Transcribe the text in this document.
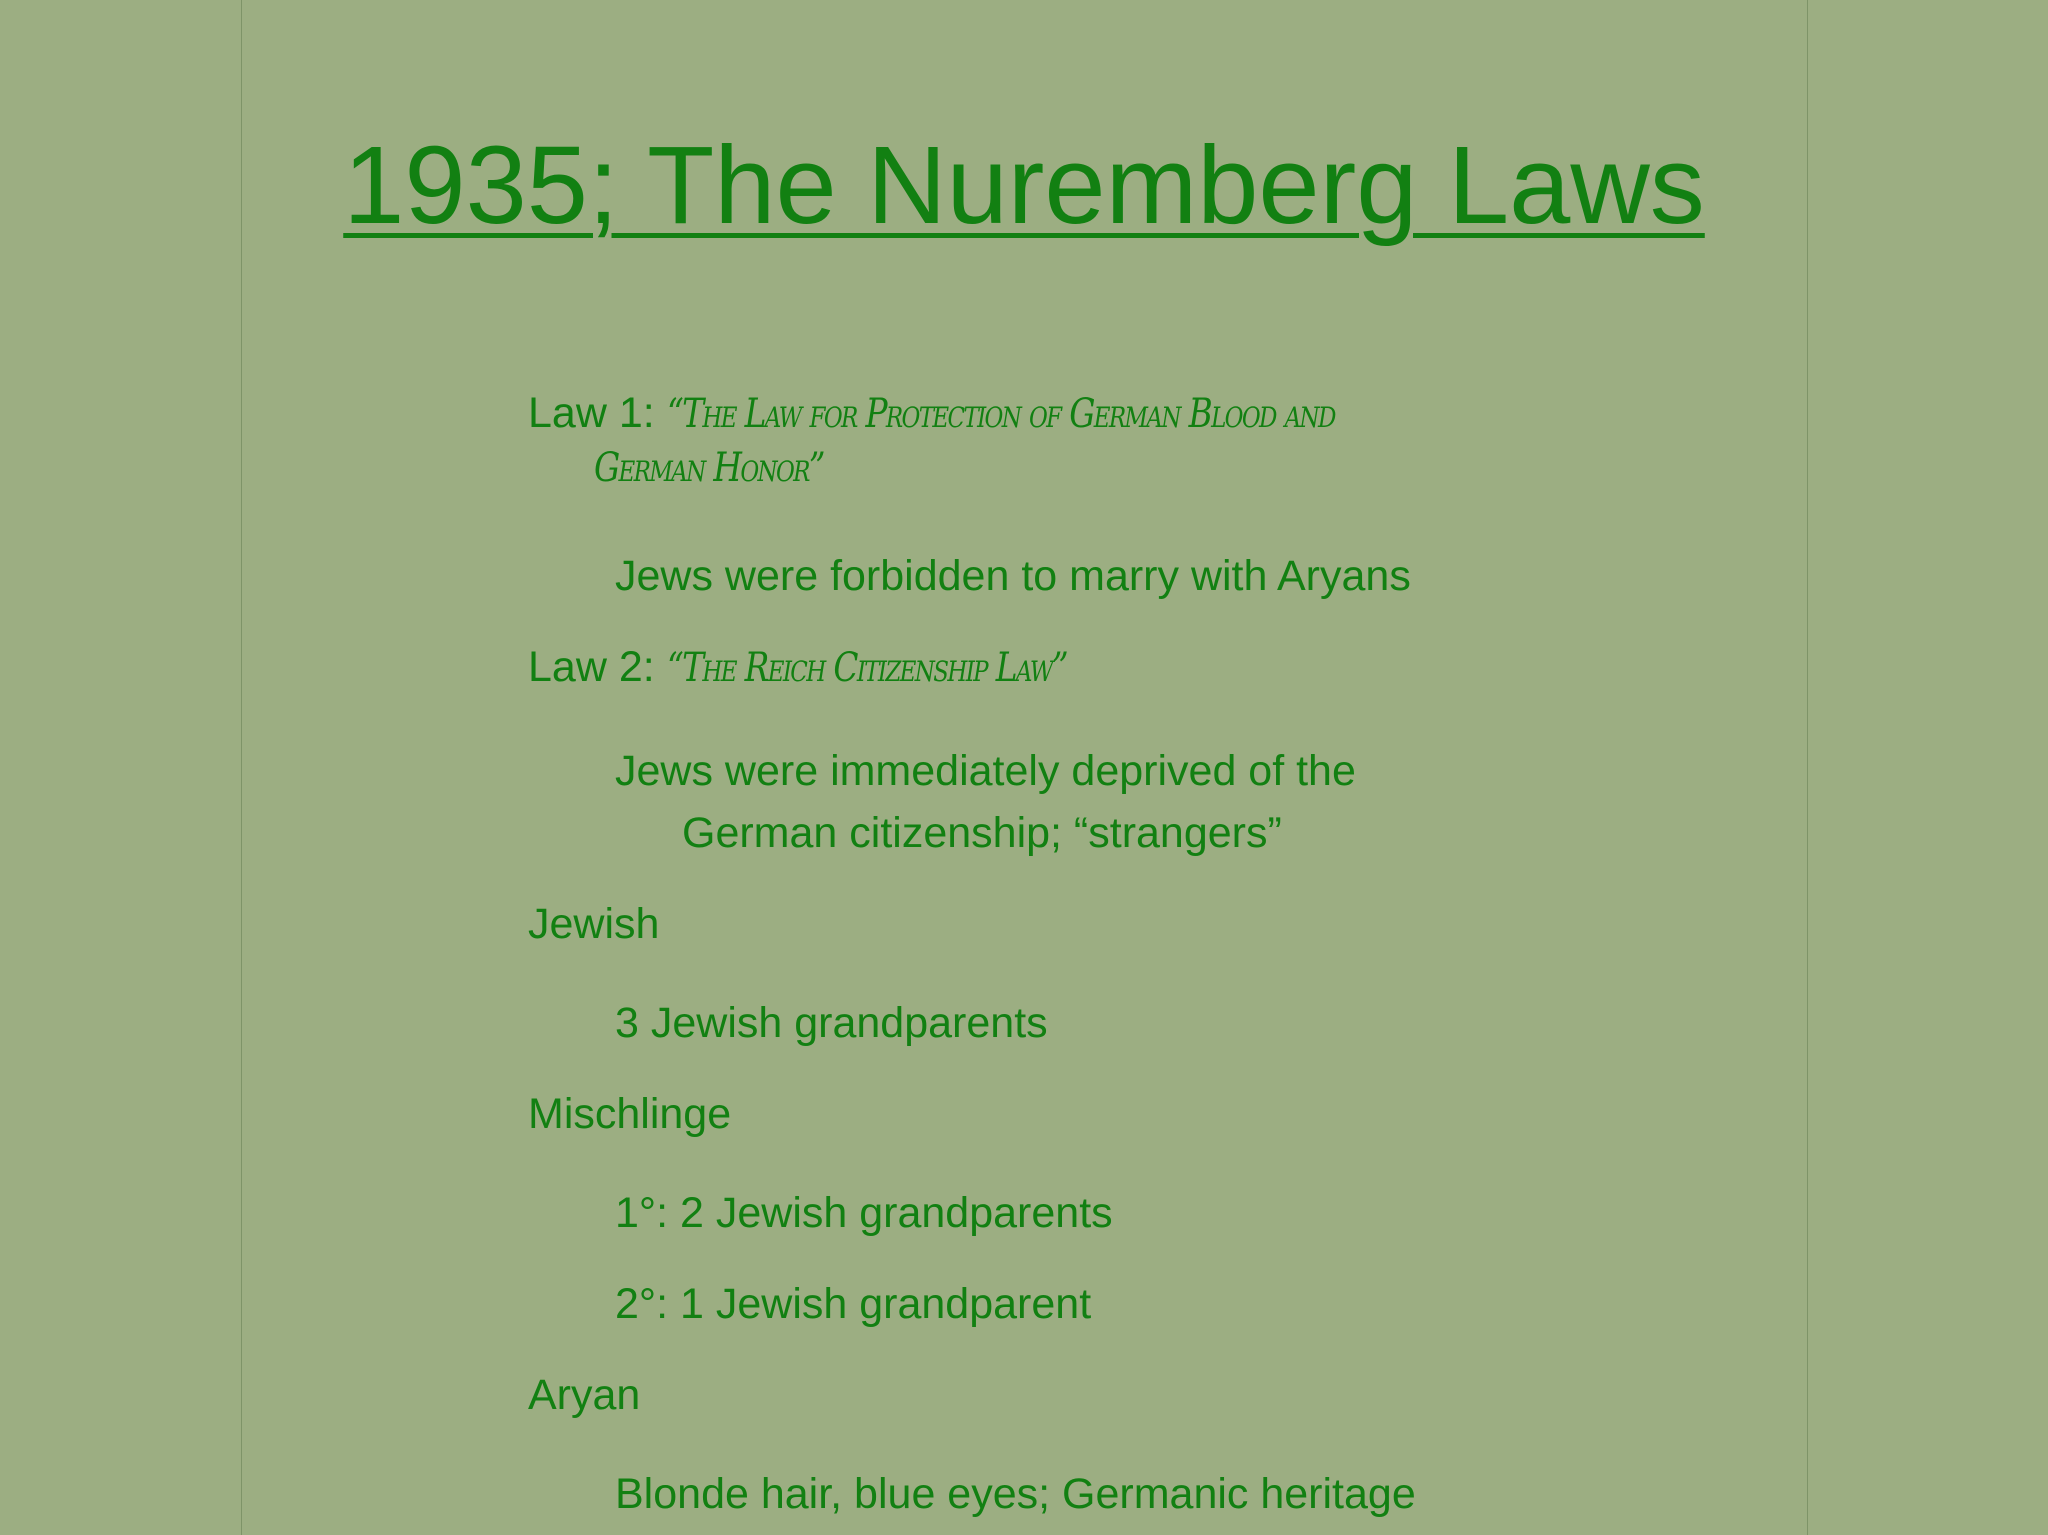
1935; The Nuremberg Laws

Law 1: “The Law for Protection of German Blood and

German Honor”

Jews were forbidden to marry with Aryans

Law 2: “The Reich Citizenship Law”

Jews were immediately deprived of the

German citizenship; “strangers”

Jewish

3 Jewish grandparents

Mischlinge

1°: 2 Jewish grandparents

2°: 1 Jewish grandparent

Aryan

Blonde hair, blue eyes; Germanic heritage
